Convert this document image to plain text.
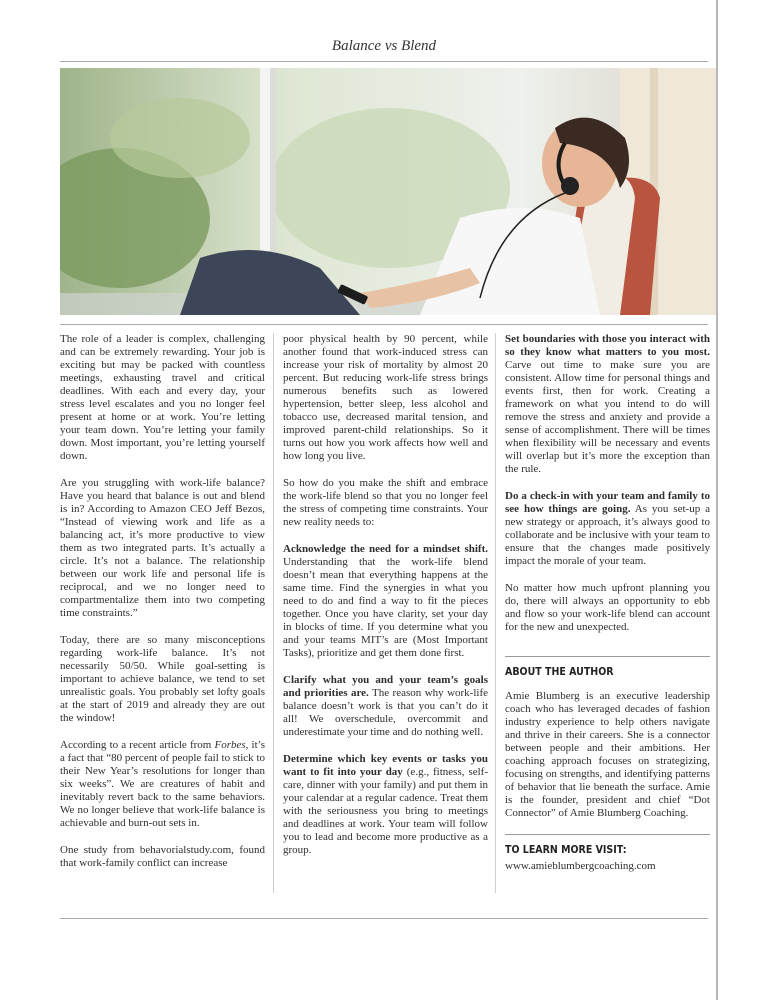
Balance vs Blend

The role of a leader is complex, challenging and can be extremely rewarding. Your job is exciting but may be packed with countless meetings, exhausting travel and critical deadlines. With each and every day, your stress level escalates and you no longer feel present at home or at work. You’re letting your team down. You’re letting your family down. Most important, you’re letting yourself down.

Are you struggling with work-life balance? Have you heard that balance is out and blend is in? According to Amazon CEO Jeff Bezos, “Instead of viewing work and life as a balancing act, it’s more productive to view them as two integrated parts. It’s actually a circle. It’s not a balance. The relationship between our work life and personal life is reciprocal, and we no longer need to compartmentalize them into two competing time constraints.”

Today, there are so many misconceptions regarding work-life balance. It’s not necessarily 50/50. While goal-setting is important to achieve balance, we tend to set unrealistic goals. You probably set lofty goals at the start of 2019 and already they are out the window!

According to a recent article from Forbes, it’s a fact that “80 percent of people fail to stick to their New Year’s resolutions for longer than six weeks”. We are creatures of habit and inevitably revert back to the same behaviors. We no longer believe that work-life balance is achievable and burn-out sets in.

One study from behavorialstudy.com, found that work-family conflict can increase

poor physical health by 90 percent, while another found that work-induced stress can increase your risk of mortality by almost 20 percent. But reducing work-life stress brings numerous benefits such as lowered hypertension, better sleep, less alcohol and tobacco use, decreased marital tension, and improved parent-child relationships. So it turns out how you work affects how well and how long you live.

So how do you make the shift and embrace the work-life blend so that you no longer feel the stress of competing time constraints. Your new reality needs to:

Acknowledge the need for a mindset shift. Understanding that the work-life blend doesn’t mean that everything happens at the same time. Find the synergies in what you need to do and find a way to fit the pieces together. Once you have clarity, set your day in blocks of time. If you determine what you and your teams MIT’s are (Most Important Tasks), prioritize and get them done first.

Clarify what you and your team’s goals and priorities are. The reason why work-life balance doesn’t work is that you can’t do it all! We overschedule, overcommit and underestimate your time and do nothing well.

Determine which key events or tasks you want to fit into your day (e.g., fitness, self-care, dinner with your family) and put them in your calendar at a regular cadence. Treat them with the seriousness you bring to meetings and deadlines at work. Your team will follow you to lead and become more productive as a group.

Set boundaries with those you interact with so they know what matters to you most. Carve out time to make sure you are consistent. Allow time for personal things and events first, then for work. Creating a framework on what you intend to do will remove the stress and anxiety and provide a sense of accomplishment. There will be times when flexibility will be necessary and events will overlap but it’s more the exception than the rule.

Do a check-in with your team and family to see how things are going. As you set-up a new strategy or approach, it’s always good to collaborate and be inclusive with your team to ensure that the changes made positively impact the morale of your team.

No matter how much upfront planning you do, there will always an opportunity to ebb and flow so your work-life blend can account for the new and unexpected.

ABOUT THE AUTHOR

Amie Blumberg is an executive leadership coach who has leveraged decades of fashion industry experience to help others navigate and thrive in their careers. She is a connector between people and their ambitions. Her coaching approach focuses on strategizing, focusing on strengths, and identifying patterns of behavior that lie beneath the surface. Amie is the founder, president and chief “Dot Connector” of Amie Blumberg Coaching.

TO LEARN MORE VISIT:

www.amieblumbergcoaching.com
